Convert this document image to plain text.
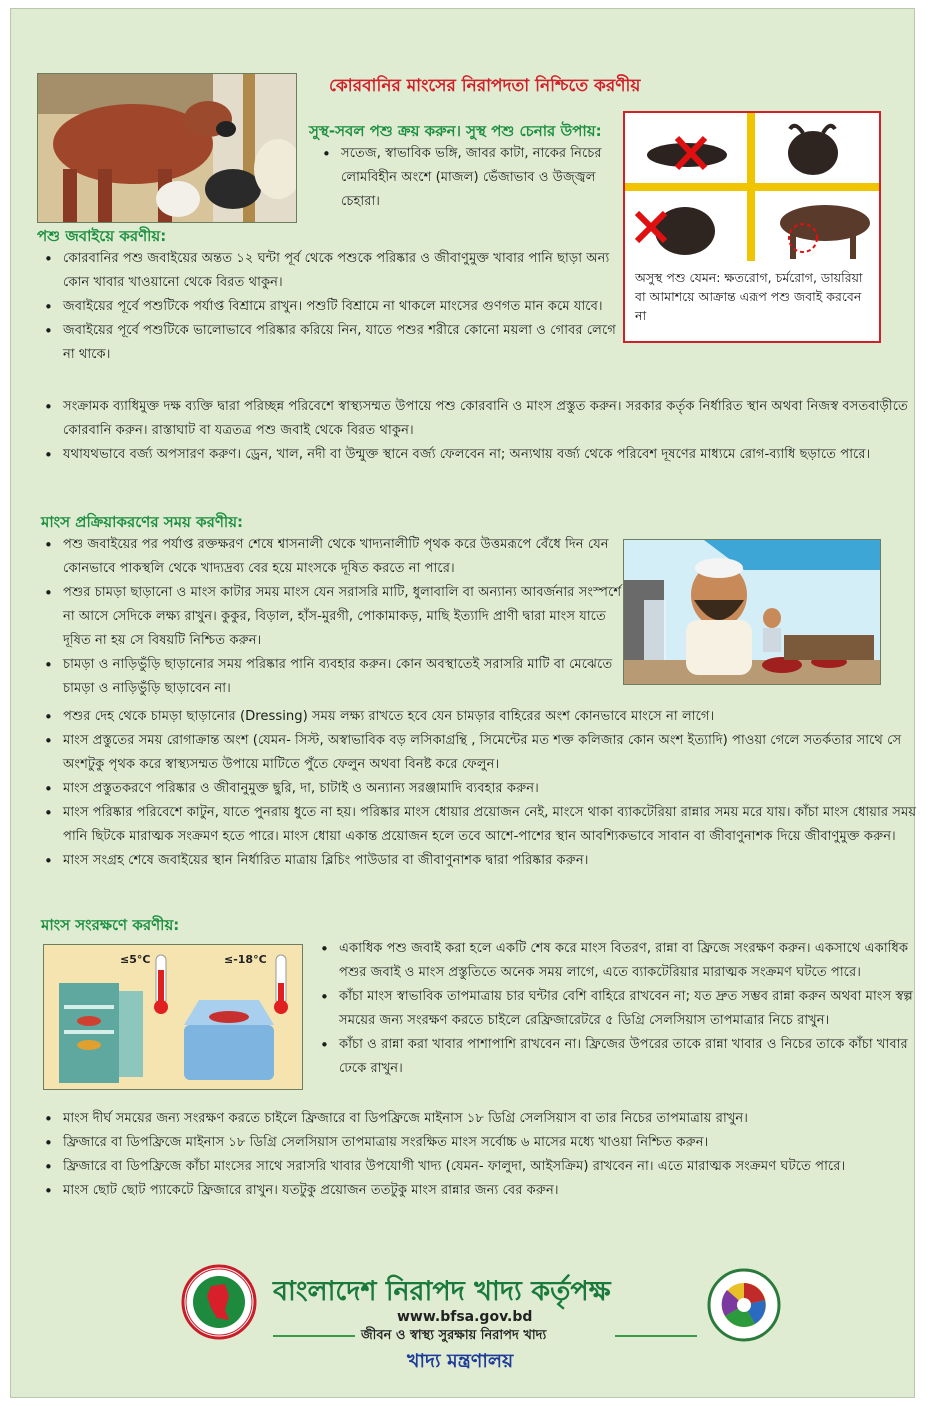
কোরবানির মাংসের নিরাপদতা নিশ্চিতে করণীয়
সুস্থ-সবল পশু ক্রয় করুন। সুস্থ পশু চেনার উপায়:
• সতেজ, স্বাভাবিক ভঙ্গি, জাবর কাটা, নাকের নিচের লোমবিহীন অংশে (মাজল) ভেঁজাভাব ও উজ্জ্বল চেহারা।
অসুস্থ পশু যেমন: ক্ষতরোগ, চর্মরোগ, ডায়রিয়া বা আমাশয়ে আক্রান্ত এরূপ পশু জবাই করবেন না
পশু জবাইয়ে করণীয়:
• কোরবানির পশু জবাইয়ের অন্তত ১২ ঘন্টা পূর্ব থেকে পশুকে পরিষ্কার ও জীবাণুমুক্ত খাবার পানি ছাড়া অন্য কোন খাবার খাওয়ানো থেকে বিরত থাকুন।
• জবাইয়ের পূর্বে পশুটিকে পর্যাপ্ত বিশ্রামে রাখুন। পশুটি বিশ্রামে না থাকলে মাংসের গুণগত মান কমে যাবে।
• জবাইয়ের পূর্বে পশুটিকে ভালোভাবে পরিষ্কার করিয়ে নিন, যাতে পশুর শরীরে কোনো ময়লা ও গোবর লেগে না থাকে।
• সংক্রামক ব্যাধিমুক্ত দক্ষ ব্যক্তি দ্বারা পরিচ্ছন্ন পরিবেশে স্বাস্থ্যসম্মত উপায়ে পশু কোরবানি ও মাংস প্রস্তুত করুন। সরকার কর্তৃক নির্ধারিত স্থান অথবা নিজস্ব বসতবাড়ীতে কোরবানি করুন। রাস্তাঘাট বা যত্রতত্র পশু জবাই থেকে বিরত থাকুন।
• যথাযথভাবে বর্জ্য অপসারণ করুণ। ড্রেন, খাল, নদী বা উন্মুক্ত স্থানে বর্জ্য ফেলবেন না; অন্যথায় বর্জ্য থেকে পরিবেশ দূষণের মাধ্যমে রোগ-ব্যাধি ছড়াতে পারে।
মাংস প্রক্রিয়াকরণের সময় করণীয়:
• পশু জবাইয়ের পর পর্যাপ্ত রক্তক্ষরণ শেষে শ্বাসনালী থেকে খাদ্যনালীটি পৃথক করে উত্তমরূপে বেঁধে দিন যেন কোনভাবে পাকস্থলি থেকে খাদ্যদ্রব্য বের হয়ে মাংসকে দূষিত করতে না পারে।
• পশুর চামড়া ছাড়ানো ও মাংস কাটার সময় মাংস যেন সরাসরি মাটি, ধুলাবালি বা অন্যান্য আবর্জনার সংস্পর্শে না আসে সেদিকে লক্ষ্য রাখুন। কুকুর, বিড়াল, হাঁস-মুরগী, পোকামাকড়, মাছি ইত্যাদি প্রাণী দ্বারা মাংস যাতে দূষিত না হয় সে বিষয়টি নিশ্চিত করুন।
• চামড়া ও নাড়িভুঁড়ি ছাড়ানোর সময় পরিষ্কার পানি ব্যবহার করুন। কোন অবস্থাতেই সরাসরি মাটি বা মেঝেতে চামড়া ও নাড়িভুঁড়ি ছাড়াবেন না।
• পশুর দেহ থেকে চামড়া ছাড়ানোর (Dressing) সময় লক্ষ্য রাখতে হবে যেন চামড়ার বাহিরের অংশ কোনভাবে মাংসে না লাগে।
• মাংস প্রস্তুতের সময় রোগাক্রান্ত অংশ (যেমন- সিস্ট, অস্বাভাবিক বড় লসিকাগ্রন্থি , সিমেন্টের মত শক্ত কলিজার কোন অংশ ইত্যাদি) পাওয়া গেলে সতর্কতার সাথে সে অংশটুকু পৃথক করে স্বাস্থ্যসম্মত উপায়ে মাটিতে পুঁতে ফেলুন অথবা বিনষ্ট করে ফেলুন।
• মাংস প্রস্তুতকরণে পরিষ্কার ও জীবানুমুক্ত ছুরি, দা, চাটাই ও অন্যান্য সরঞ্জামাদি ব্যবহার করুন।
• মাংস পরিষ্কার পরিবেশে কাটুন, যাতে পুনরায় ধুতে না হয়। পরিষ্কার মাংস ধোয়ার প্রয়োজন নেই, মাংসে থাকা ব্যাকটেরিয়া রান্নার সময় মরে যায়। কাঁচা মাংস ধোয়ার সময় পানি ছিটকে মারাত্মক সংক্রমণ হতে পারে। মাংস ধোয়া একান্ত প্রয়োজন হলে তবে আশে-পাশের স্থান আবশ্যিকভাবে সাবান বা জীবাণুনাশক দিয়ে জীবাণুমুক্ত করুন।
• মাংস সংগ্রহ শেষে জবাইয়ের স্থান নির্ধারিত মাত্রায় ব্লিচিং পাউডার বা জীবাণুনাশক দ্বারা পরিষ্কার করুন।
মাংস সংরক্ষণে করণীয়:
≤5°C	≤-18°C
• একাধিক পশু জবাই করা হলে একটি শেষ করে মাংস বিতরণ, রান্না বা ফ্রিজে সংরক্ষণ করুন। একসাথে একাধিক পশুর জবাই ও মাংস প্রস্তুতিতে অনেক সময় লাগে, এতে ব্যাকটেরিয়ার মারাত্মক সংক্রমণ ঘটতে পারে।
• কাঁচা মাংস স্বাভাবিক তাপমাত্রায় চার ঘন্টার বেশি বাহিরে রাখবেন না; যত দ্রুত সম্ভব রান্না করুন অথবা মাংস স্বল্প সময়ের জন্য সংরক্ষণ করতে চাইলে রেফ্রিজারেটরে ৫ ডিগ্রি সেলসিয়াস তাপমাত্রার নিচে রাখুন।
• কাঁচা ও রান্না করা খাবার পাশাপাশি রাখবেন না। ফ্রিজের উপরের তাকে রান্না খাবার ও নিচের তাকে কাঁচা খাবার ঢেকে রাখুন।
• মাংস দীর্ঘ সময়ের জন্য সংরক্ষণ করতে চাইলে ফ্রিজারে বা ডিপফ্রিজে মাইনাস ১৮ ডিগ্রি সেলসিয়াস বা তার নিচের তাপমাত্রায় রাখুন।
• ফ্রিজারে বা ডিপফ্রিজে মাইনাস ১৮ ডিগ্রি সেলসিয়াস তাপমাত্রায় সংরক্ষিত মাংস সর্বোচ্চ ৬ মাসের মধ্যে খাওয়া নিশ্চিত করুন।
• ফ্রিজারে বা ডিপফ্রিজে কাঁচা মাংসের সাথে সরাসরি খাবার উপযোগী খাদ্য (যেমন- ফালুদা, আইসক্রিম) রাখবেন না। এতে মারাত্মক সংক্রমণ ঘটতে পারে।
• মাংস ছোট ছোট প্যাকেটে ফ্রিজারে রাখুন। যতটুকু প্রয়োজন ততটুকু মাংস রান্নার জন্য বের করুন।
বাংলাদেশ নিরাপদ খাদ্য কর্তৃপক্ষ
www.bfsa.gov.bd
জীবন ও স্বাস্থ্য সুরক্ষায় নিরাপদ খাদ্য
খাদ্য মন্ত্রণালয়
